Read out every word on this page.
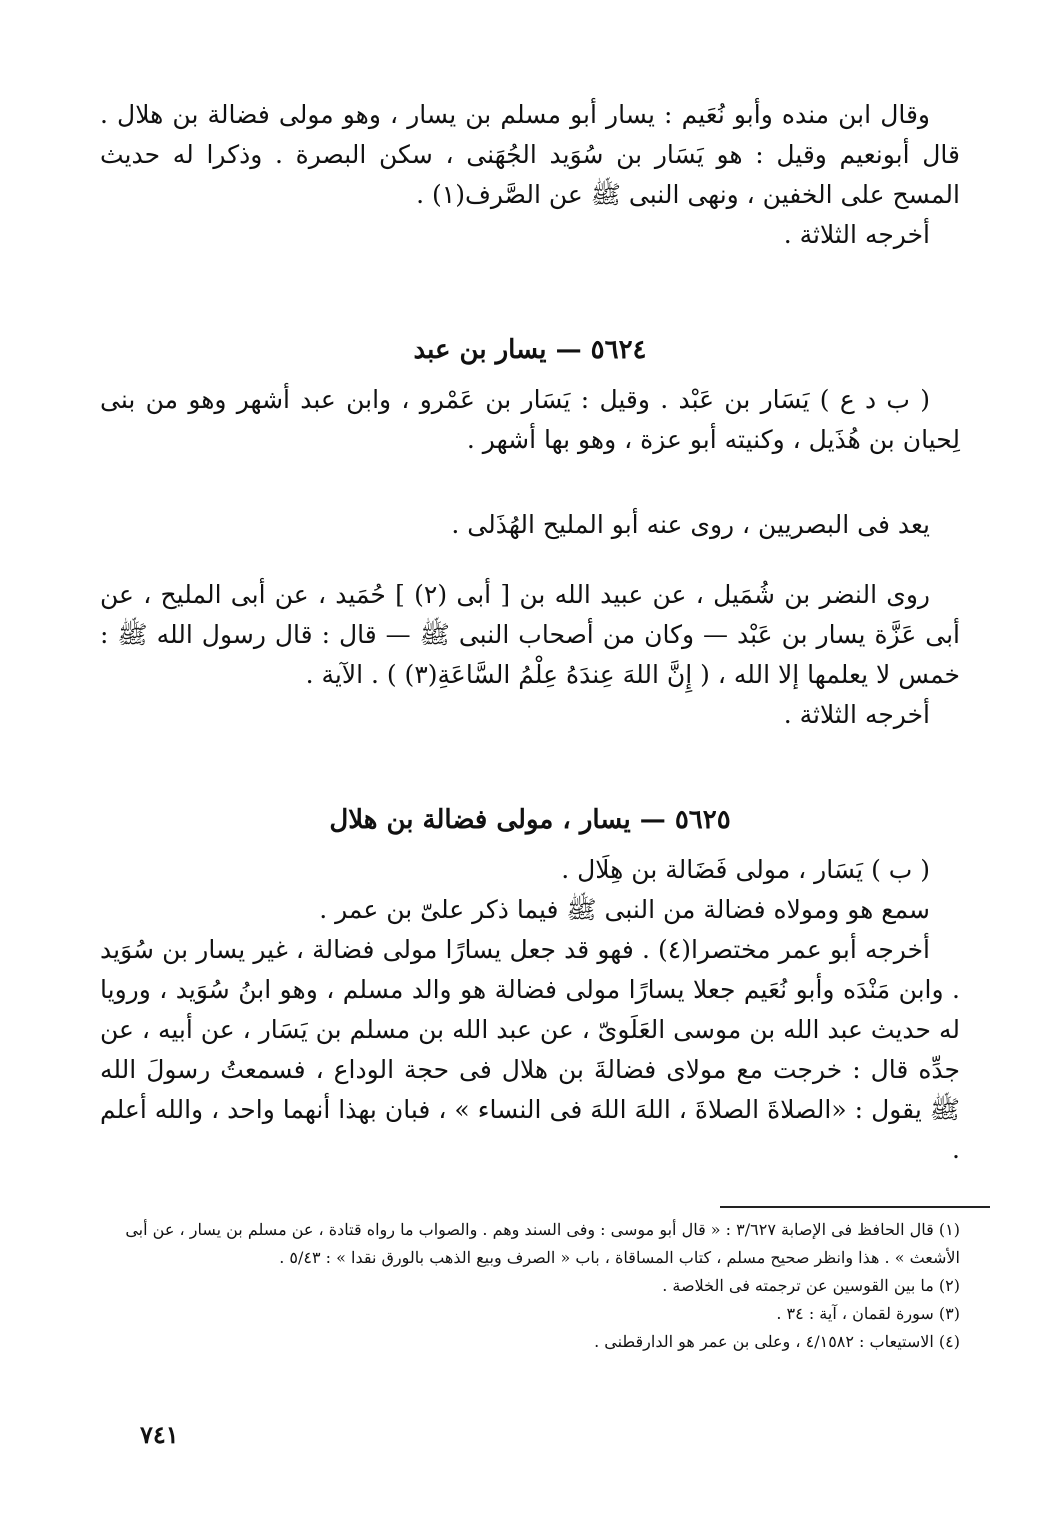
وقال ابن منده وأبو نُعَيم : يسار أبو مسلم بن يسار ، وهو مولى فضالة بن هلال . قال أبونعيم وقيل : هو يَسَار بن سُوَيد الجُهَنى ، سكن البصرة . وذكرا له حديث المسح على الخفين ، ونهى النبى ﷺ عن الصَّرف(١) .

أخرجه الثلاثة .

٥٦٢٤ — يسار بن عبد

( ب د ع ) يَسَار بن عَبْد . وقيل : يَسَار بن عَمْرو ، وابن عبد أشهر وهو من بنى لِحيان بن هُذَيل ، وكنيته أبو عزة ، وهو بها أشهر .

يعد فى البصريين ، روى عنه أبو المليح الهُذَلى .

روى النضر بن شُمَيل ، عن عبيد الله بن [ أبى (٢) ] حُمَيد ، عن أبى المليح ، عن أبى عَزَّة يسار بن عَبْد — وكان من أصحاب النبى ﷺ — قال : قال رسول الله ﷺ : خمس لا يعلمها إلا الله ، ( إِنَّ اللهَ عِندَهُ عِلْمُ السَّاعَةِ(٣) ) . الآية .

أخرجه الثلاثة .

٥٦٢٥ — يسار ، مولى فضالة بن هلال

( ب ) يَسَار ، مولى فَضَالة بن هِلَال .

سمع هو ومولاه فضالة من النبى ﷺ فيما ذكر علىّ بن عمر .

أخرجه أبو عمر مختصرا(٤) . فهو قد جعل يسارًا مولى فضالة ، غير يسار بن سُوَيد . وابن مَنْدَه وأبو نُعَيم جعلا يسارًا مولى فضالة هو والد مسلم ، وهو ابنُ سُوَيد ، ورويا له حديث عبد الله بن موسى العَلَوىّ ، عن عبد الله بن مسلم بن يَسَار ، عن أبيه ، عن جدِّه قال : خرجت مع مولاى فضالةَ بن هلال فى حجة الوداع ، فسمعتُ رسولَ الله ﷺ يقول : «الصلاةَ الصلاةَ ، اللهَ اللهَ فى النساء » ، فبان بهذا أنهما واحد ، والله أعلم .

(١) قال الحافظ فى الإصابة ٣/٦٢٧ : « قال أبو موسى : وفى السند وهم . والصواب ما رواه قتادة ، عن مسلم بن يسار ، عن أبى الأشعث » . هذا وانظر صحيح مسلم ، كتاب المساقاة ، باب « الصرف وبيع الذهب بالورق نقدا » : ٥/٤٣ .

(٢) ما بين القوسين عن ترجمته فى الخلاصة .

(٣) سورة لقمان ، آية : ٣٤ .

(٤) الاستيعاب : ٤/١٥٨٢ ، وعلى بن عمر هو الدارقطنى .

٧٤١
